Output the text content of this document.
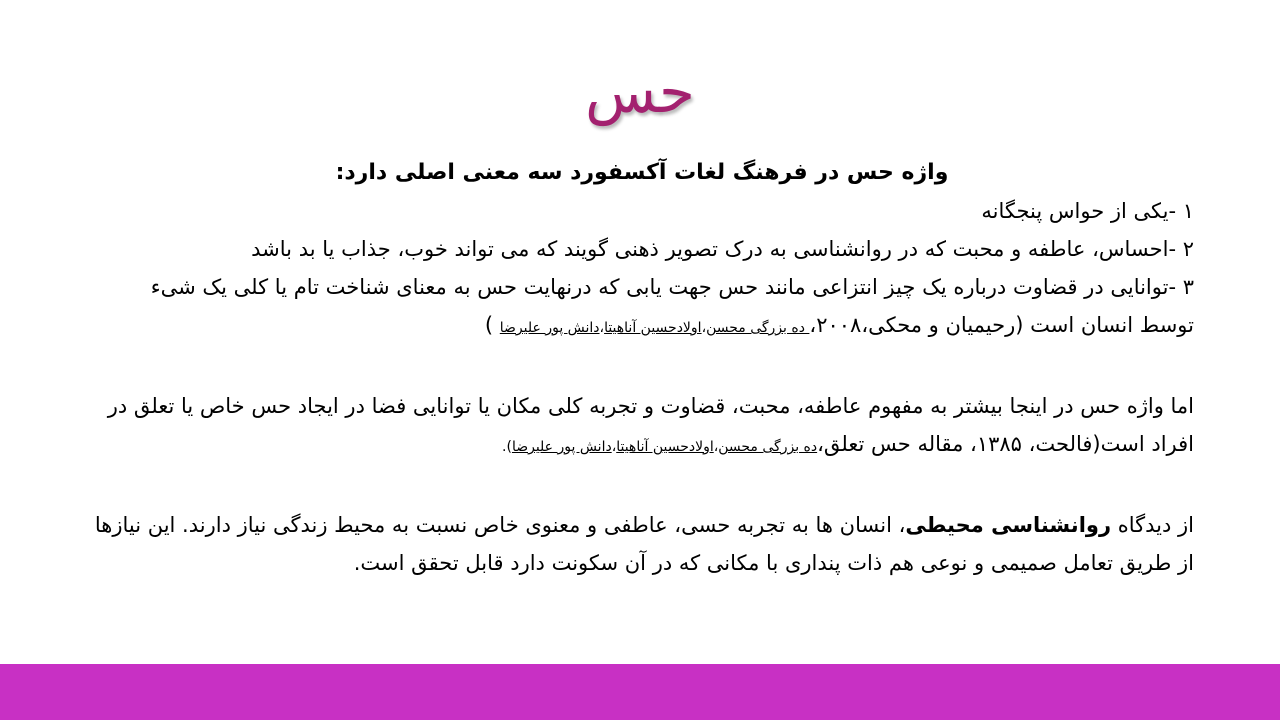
حس
واژه حس در فرهنگ لغات آکسفورد سه معنی اصلی دارد:
۱ -یکی از حواس پنجگانه
۲ -احساس، عاطفه و محبت که در روانشناسی به درک تصویر ذهنی گویند که می تواند خوب، جذاب یا بد باشد
۳ -توانایی در قضاوت درباره یک چیز انتزاعی مانند حس جهت یابی که درنهایت حس به معنای شناخت تام یا کلی یک شیء توسط انسان است (رحیمیان و محکی،۲۰۰۸، ده بزرگی محسن،اولادحسین آناهیتا،دانش پور علیرضا )
اما واژه حس در اینجا بیشتر به مفهوم عاطفه، محبت، قضاوت و تجربه کلی مکان یا توانایی فضا در ایجاد حس خاص یا تعلق در افراد است(فالحت، ۱۳۸۵، مقاله حس تعلق،ده بزرگی محسن،اولادحسین آناهیتا،دانش پور علیرضا).
از دیدگاه روانشناسی محیطی، انسان ها به تجربه حسی، عاطفی و معنوی خاص نسبت به محیط زندگی نیاز دارند. این نیازها از طریق تعامل صمیمی و نوعی هم ذات پنداری با مکانی که در آن سکونت دارد قابل تحقق است.
